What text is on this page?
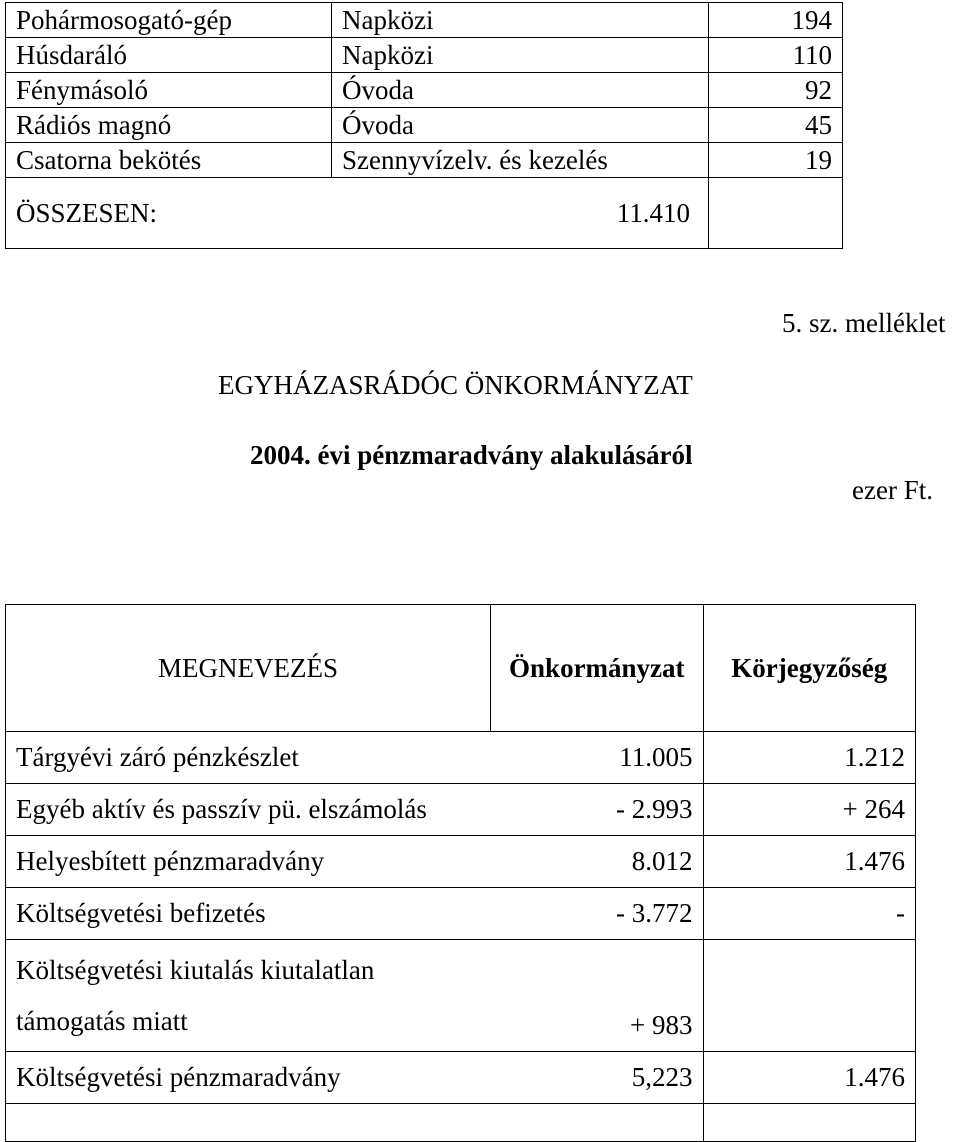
Pohármosogató-gép	Napközi	194
Húsdaráló	Napközi	110
Fénymásoló	Óvoda	92
Rádiós magnó	Óvoda	45
Csatorna bekötés	Szennyvízelv. és kezelés	19

ÖSSZESEN: 11.410		

5. sz. melléklet
EGYHÁZASRÁDÓC ÖNKORMÁNYZAT
2004. évi pénzmaradvány alakulásáról
ezer Ft.
MEGNEVEZÉS	Önkormányzat	Körjegyzőség
Tárgyévi záró pénzkészlet	11.005	1.212
Egyéb aktív és passzív pü. elszámolás	- 2.993	+ 264
Helyesbített pénzmaradvány	8.012	1.476
Költségvetési befizetés	- 3.772	-

Költségvetési kiutalás kiutalatlan
támogatás miatt	+ 983	
Költségvetési pénzmaradvány	5,223	1.476
